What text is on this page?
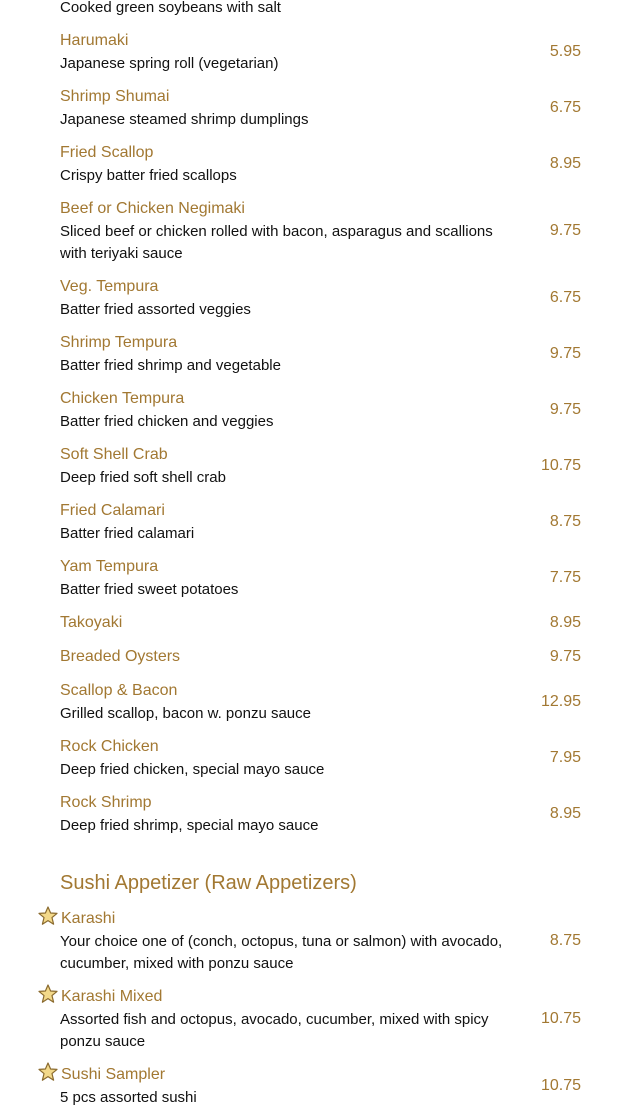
Cooked green soybeans with salt
Harumaki
Japanese spring roll (vegetarian)
5.95
Shrimp Shumai
Japanese steamed shrimp dumplings
6.75
Fried Scallop
Crispy batter fried scallops
8.95
Beef or Chicken Negimaki
Sliced beef or chicken rolled with bacon, asparagus and scallions with teriyaki sauce
9.75
Veg. Tempura
Batter fried assorted veggies
6.75
Shrimp Tempura
Batter fried shrimp and vegetable
9.75
Chicken Tempura
Batter fried chicken and veggies
9.75
Soft Shell Crab
Deep fried soft shell crab
10.75
Fried Calamari
Batter fried calamari
8.75
Yam Tempura
Batter fried sweet potatoes
7.75
Takoyaki	8.95
Breaded Oysters	9.75
Scallop & Bacon
Grilled scallop, bacon w. ponzu sauce
12.95
Rock Chicken
Deep fried chicken, special mayo sauce
7.95
Rock Shrimp
Deep fried shrimp, special mayo sauce
8.95
Sushi Appetizer (Raw Appetizers)
Karashi
Your choice one of (conch, octopus, tuna or salmon) with avocado, cucumber, mixed with ponzu sauce
8.75
Karashi Mixed
Assorted fish and octopus, avocado, cucumber, mixed with spicy ponzu sauce
10.75
Sushi Sampler
5 pcs assorted sushi
10.75
